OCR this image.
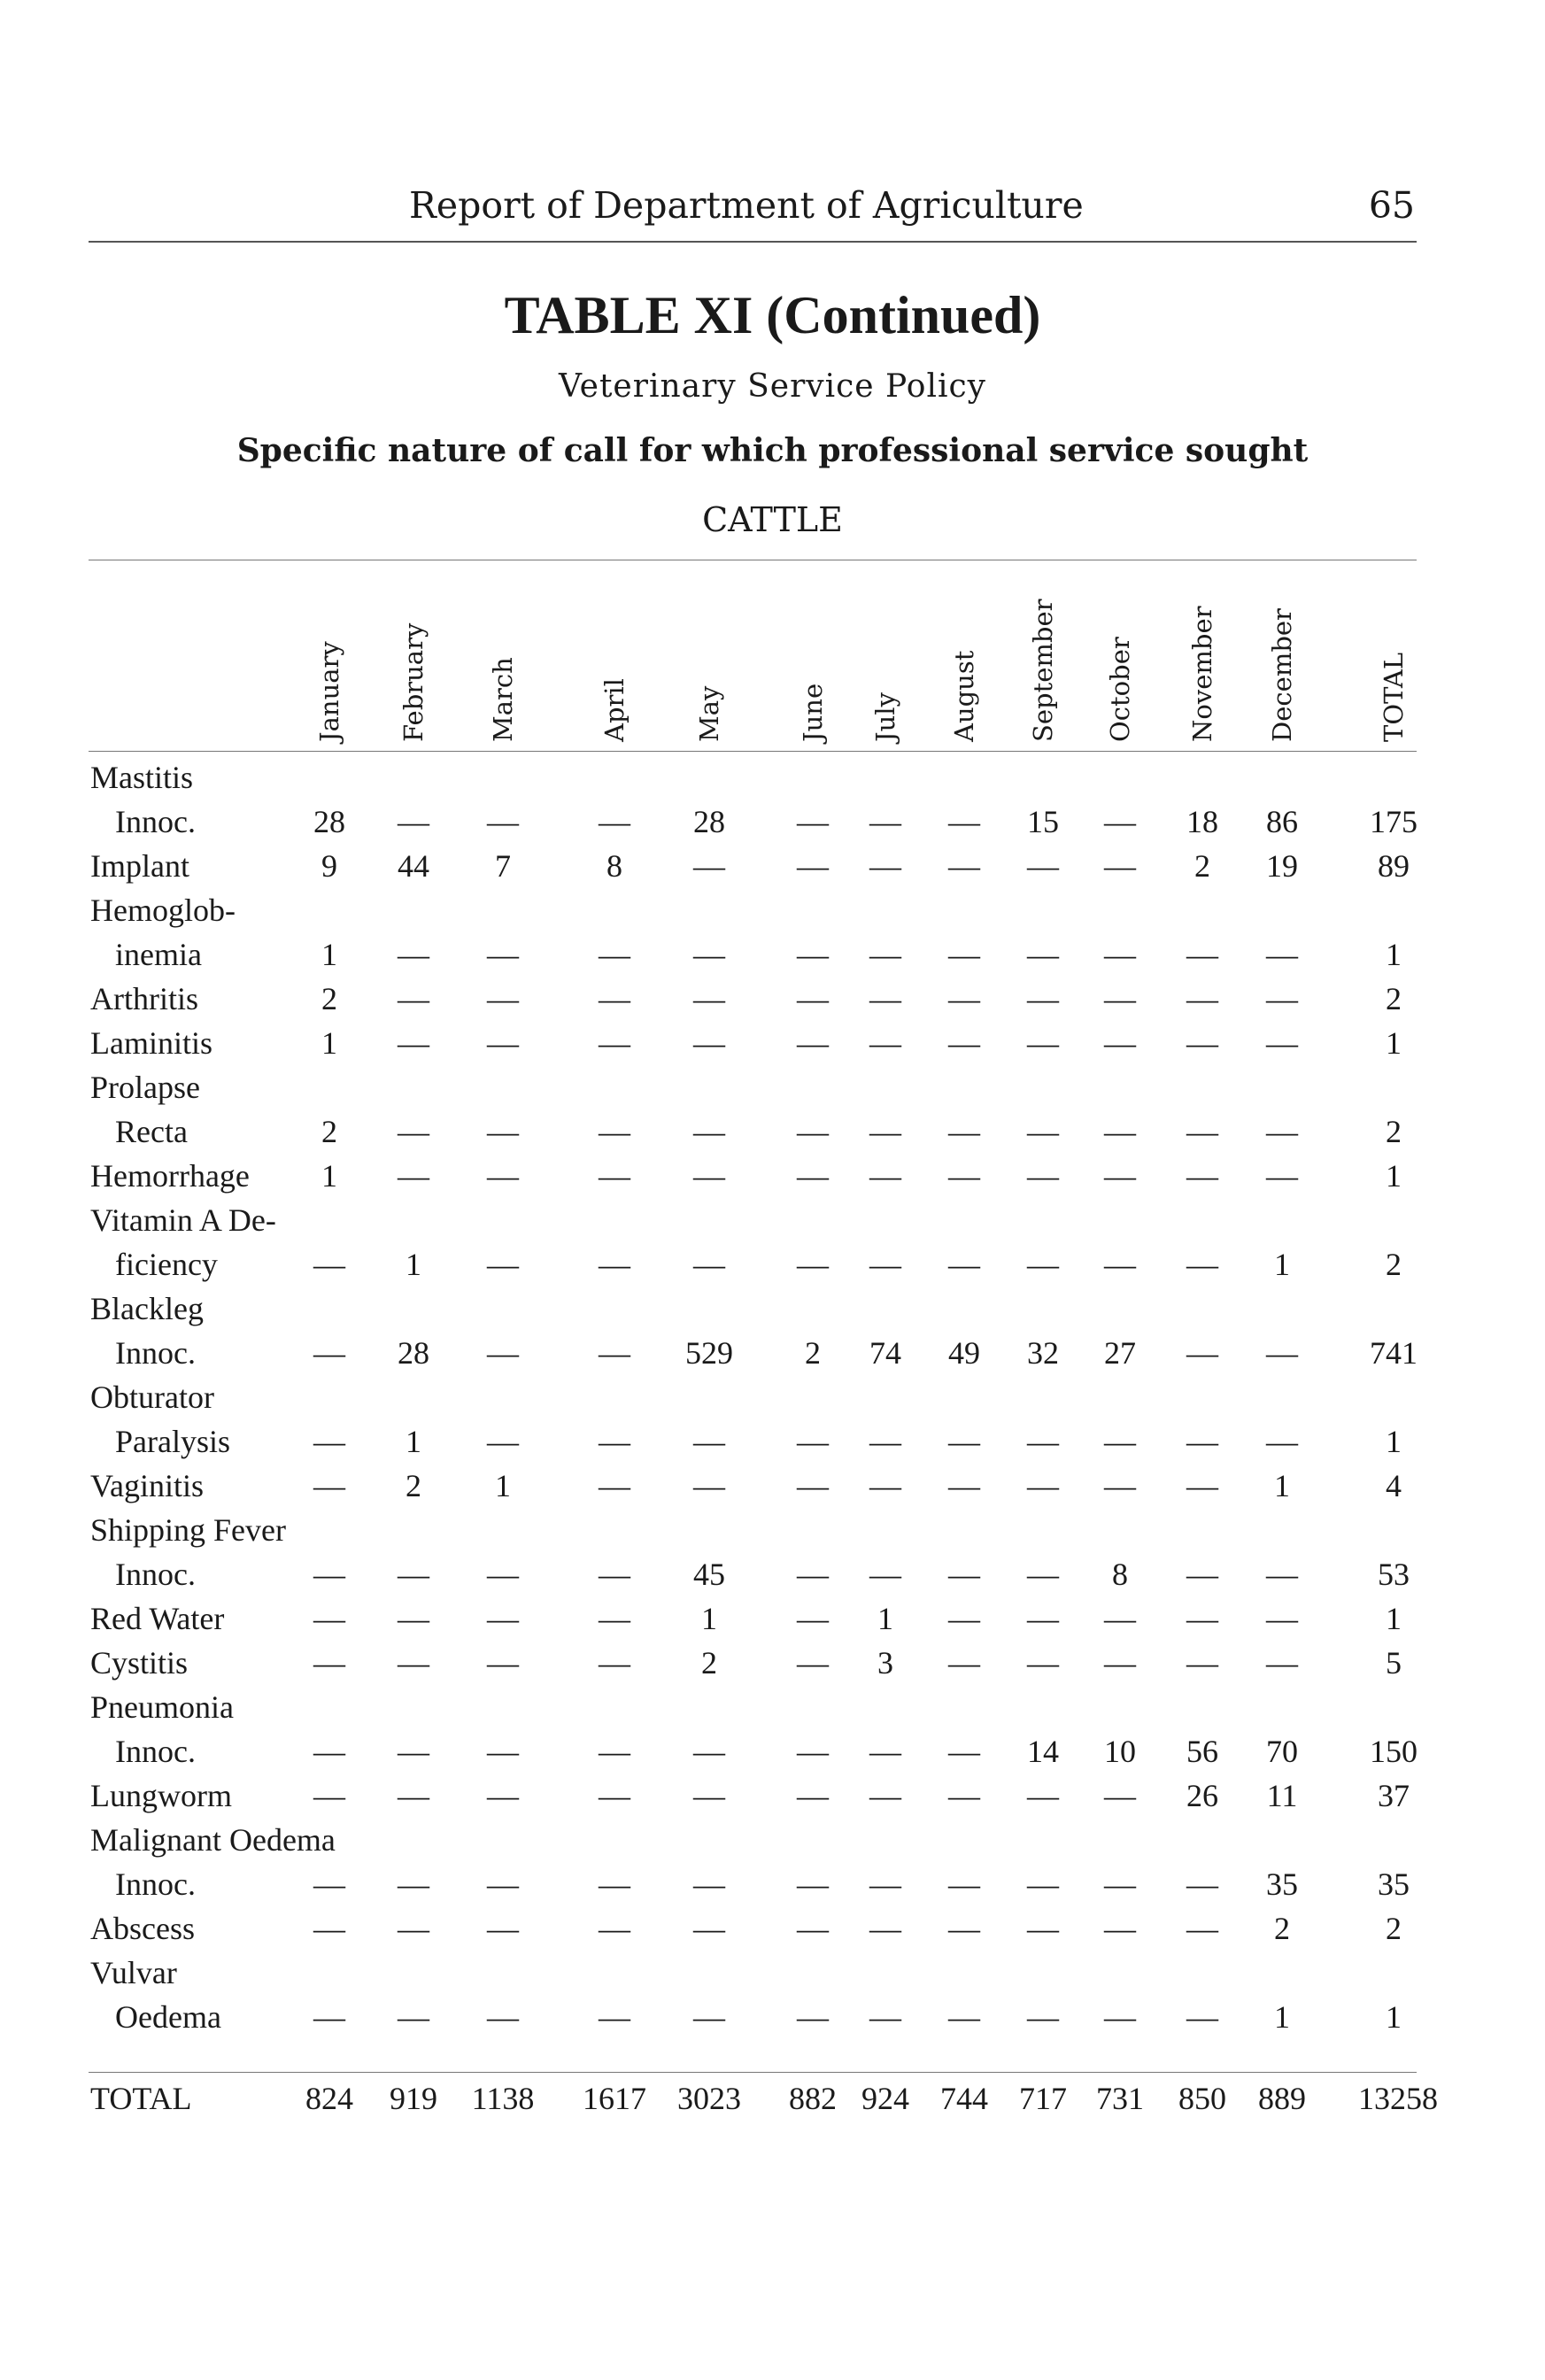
Report of Department of Agriculture	65
TABLE XI (Continued)
Veterinary Service Policy
Specific nature of call for which professional service sought
CATTLE
January February March	April	May	June July August September October November December	TOTAL
Mastitis
Innoc.	28	—	—	—	28	—	—	—	15	—	18	86	175
Implant	9	44	7	8	—	—	—	—	—	—	2	19	89
Hemoglob-
inemia	1	—	—	—	—	—	—	—	—	—	—	—	1
Arthritis	2	—	—	—	—	—	—	—	—	—	—	—	2
Laminitis	1	—	—	—	—	—	—	—	—	—	—	—	1
Prolapse
Recta	2	—	—	—	—	—	—	—	—	—	—	—	2
Hemorrhage	1	—	—	—	—	—	—	—	—	—	—	—	1
Vitamin A De-
ficiency	—	1	—	—	—	—	—	—	—	—	—	1	2
Blackleg
Innoc.	—	28	—	—	529	2	74	49	32	27	—	—	741
Obturator
Paralysis	—	1	—	—	—	—	—	—	—	—	—	—	1
Vaginitis	—	2	1	—	—	—	—	—	—	—	—	1	4
Shipping Fever
Innoc.	—	—	—	—	45	—	—	—	—	8	—	—	53
Red Water	—	—	—	—	1	—	1	—	—	—	—	—	1
Cystitis	—	—	—	—	2	—	3	—	—	—	—	—	5
Pneumonia
Innoc.	—	—	—	—	—	—	—	—	14	10	56	70	150
Lungworm	—	—	—	—	—	—	—	—	—	—	26	11	37
Malignant Oedema
Innoc.	—	—	—	—	—	—	—	—	—	—	—	35	35
Abscess	—	—	—	—	—	—	—	—	—	—	—	2	2
Vulvar
Oedema	—	—	—	—	—	—	—	—	—	—	—	1	1
TOTAL	824	919	1138 1617 3023	882 924 744 717 731	850	889	13258
